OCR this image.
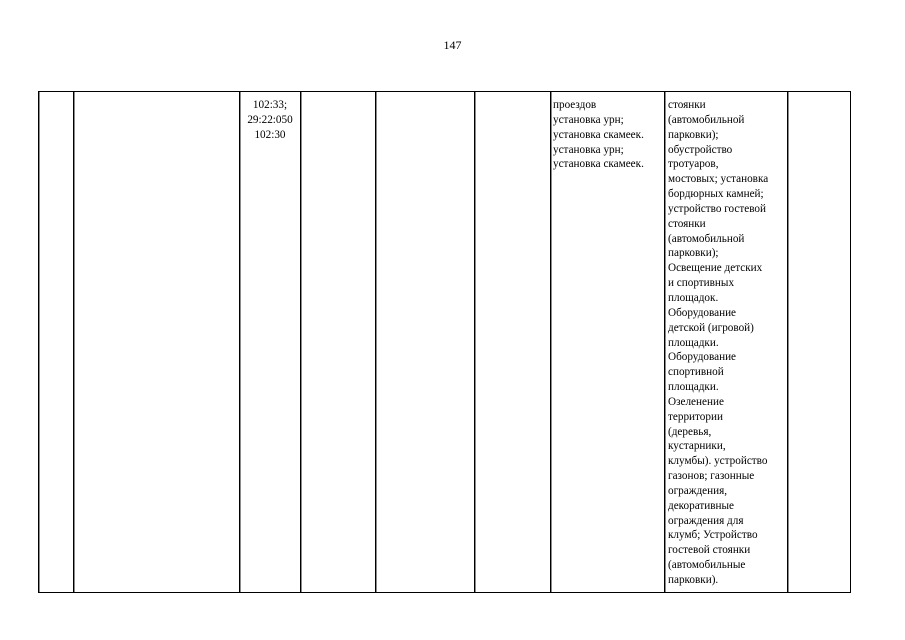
147

102:33;
29:22:050
102:30

проездов
установка урн;
установка скамеек.
установка урн;
установка скамеек.

стоянки
(автомобильной
парковки);
обустройство
тротуаров,
мостовых; установка
бордюрных камней;
устройство гостевой
стоянки
(автомобильной
парковки);
Освещение детских
и спортивных
площадок.
Оборудование
детской (игровой)
площадки.
Оборудование
спортивной
площадки.
Озеленение
территории
(деревья,
кустарники,
клумбы). устройство
газонов; газонные
ограждения,
декоративные
ограждения для
клумб; Устройство
гостевой стоянки
(автомобильные
парковки).
